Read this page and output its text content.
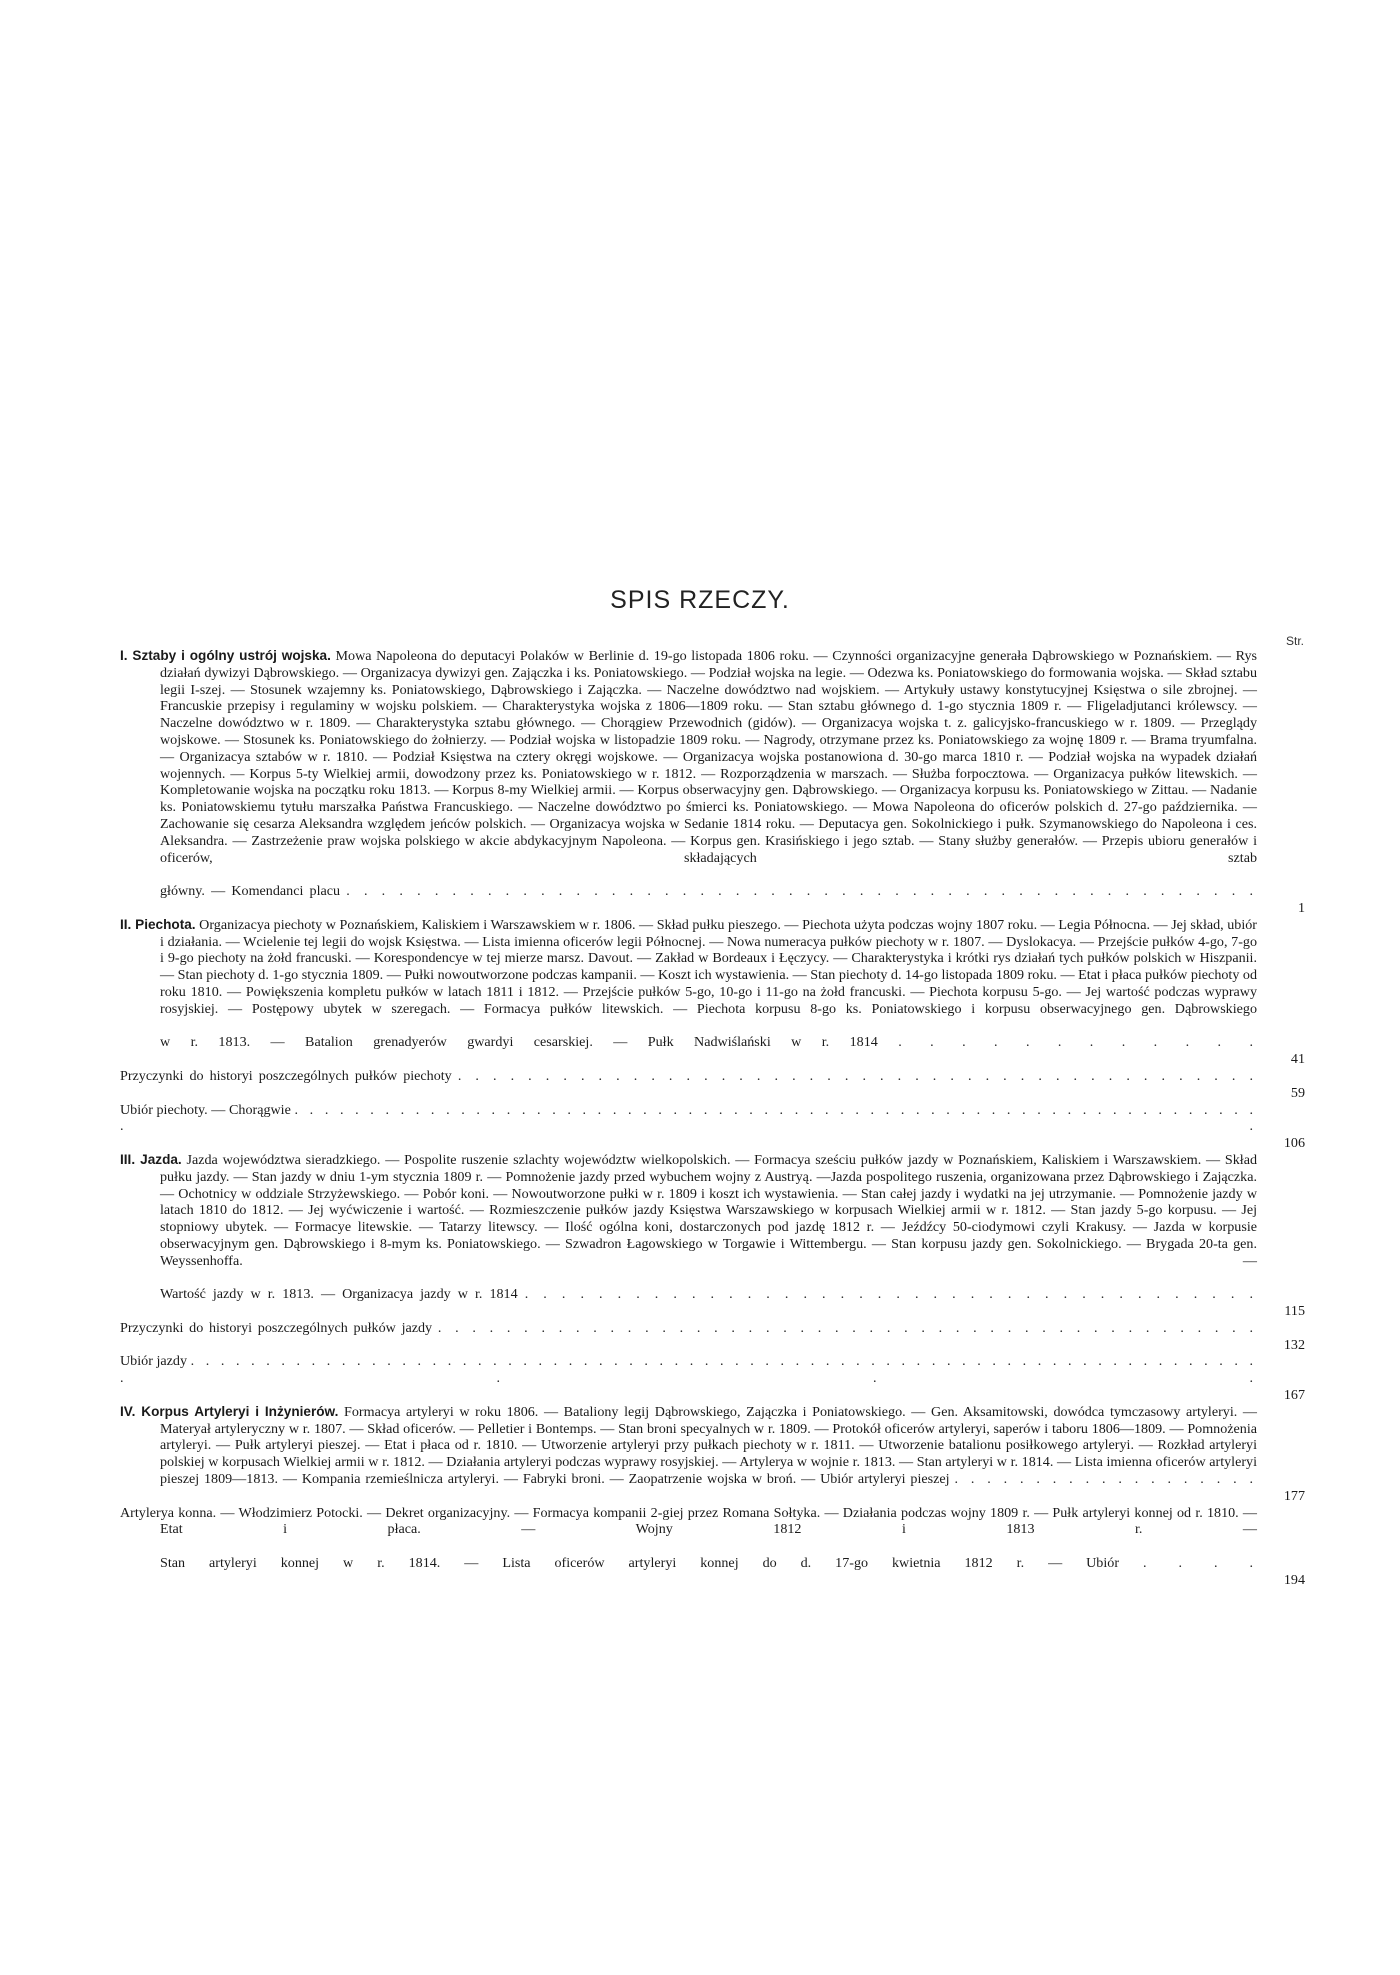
SPIS RZECZY.
Str.
I. Sztaby i ogólny ustrój wojska. Mowa Napoleona do deputacyi Polaków w Berlinie d. 19-go listopada 1806 roku. — Czynności organizacyjne generała Dąbrowskiego w Poznańskiem. — Rys działań dywizyi Dąbrowskiego. — Organizacya dywizyi gen. Zajączka i ks. Poniatowskiego. — Podział wojska na legie. — Odezwa ks. Poniatowskiego do formowania wojska. — Skład sztabu legii I-szej. — Stosunek wzajemny ks. Poniatowskiego, Dąbrowskiego i Zajączka. — Naczelne dowództwo nad wojskiem. — Artykuły ustawy konstytucyjnej Księstwa o sile zbrojnej. — Francuskie przepisy i regulaminy w wojsku polskiem. — Charakterystyka wojska z 1806—1809 roku. — Stan sztabu głównego d. 1-go stycznia 1809 r. — Fligeladjutanci królewscy. — Naczelne dowództwo w r. 1809. — Charakterystyka sztabu głównego. — Chorągiew Przewodnich (gidów). — Organizacya wojska t. z. galicyjsko-francuskiego w r. 1809. — Przeglądy wojskowe. — Stosunek ks. Poniatowskiego do żołnierzy. — Podział wojska w listopadzie 1809 roku. — Nagrody, otrzymane przez ks. Poniatowskiego za wojnę 1809 r. — Brama tryumfalna. — Organizacya sztabów w r. 1810. — Podział Księstwa na cztery okręgi wojskowe. — Organizacya wojska postanowiona d. 30-go marca 1810 r. — Podział wojska na wypadek działań wojennych. — Korpus 5-ty Wielkiej armii, dowodzony przez ks. Poniatowskiego w r. 1812. — Rozporządzenia w marszach. — Służba forpocztowa. — Organizacya pułków litewskich. — Kompletowanie wojska na początku roku 1813. — Korpus 8-my Wielkiej armii. — Korpus obserwacyjny gen. Dąbrowskiego. — Organizacya korpusu ks. Poniatowskiego w Zittau. — Nadanie ks. Poniatowskiemu tytułu marszałka Państwa Francuskiego. — Naczelne dowództwo po śmierci ks. Poniatowskiego. — Mowa Napoleona do oficerów polskich d. 27-go października. — Zachowanie się cesarza Aleksandra względem jeńców polskich. — Organizacya wojska w Sedanie 1814 roku. — Deputacya gen. Sokolnickiego i pułk. Szymanowskiego do Napoleona i ces. Aleksandra. — Zastrzeżenie praw wojska polskiego w akcie abdykacyjnym Napoleona. — Korpus gen. Krasińskiego i jego sztab. — Stany służby generałów. — Przepis ubioru generałów i oficerów, składających sztab
główny. — Komendanci placu . . . . . . . . . . . . . . . . . . . . . . . . . . . . . . . . . . . . . . . . . . . . . . . . . . . .
1
II. Piechota. Organizacya piechoty w Poznańskiem, Kaliskiem i Warszawskiem w r. 1806. — Skład pułku pieszego. — Piechota użyta podczas wojny 1807 roku. — Legia Północna. — Jej skład, ubiór i działania. — Wcielenie tej legii do wojsk Księstwa. — Lista imienna oficerów legii Północnej. — Nowa numeracya pułków piechoty w r. 1807. — Dyslokacya. — Przejście pułków 4-go, 7-go i 9-go piechoty na żołd francuski. — Korespondencye w tej mierze marsz. Davout. — Zakład w Bordeaux i Łęczycy. — Charakterystyka i krótki rys działań tych pułków polskich w Hiszpanii. — Stan piechoty d. 1-go stycznia 1809. — Pułki nowoutworzone podczas kampanii. — Koszt ich wystawienia. — Stan piechoty d. 14-go listopada 1809 roku. — Etat i płaca pułków piechoty od roku 1810. — Powiększenia kompletu pułków w latach 1811 i 1812. — Przejście pułków 5-go, 10-go i 11-go na żołd francuski. — Piechota korpusu 5-go. — Jej wartość podczas wyprawy rosyjskiej. — Postępowy ubytek w szeregach. — Formacya pułków litewskich. — Piechota korpusu 8-go ks. Poniatowskiego i korpusu obserwacyjnego gen. Dąbrowskiego
w r. 1813. — Batalion grenadyerów gwardyi cesarskiej. — Pułk Nadwiślański w r. 1814 . . . . . . . . . . . .
41
Przyczynki do historyi poszczególnych pułków piechoty . . . . . . . . . . . . . . . . . . . . . . . . . . . . . . . . . . . . . . . . . . . . . .
59
Ubiór piechoty. — Chorągwie . . . . . . . . . . . . . . . . . . . . . . . . . . . . . . . . . . . . . . . . . . . . . . . . . . . . . . . . . . . . . . . . . .
106
III. Jazda. Jazda województwa sieradzkiego. — Pospolite ruszenie szlachty województw wielkopolskich. — Formacya sześciu pułków jazdy w Poznańskiem, Kaliskiem i Warszawskiem. — Skład pułku jazdy. — Stan jazdy w dniu 1-ym stycznia 1809 r. — Pomnożenie jazdy przed wybuchem wojny z Austryą. —Jazda pospolitego ruszenia, organizowana przez Dąbrowskiego i Zajączka. — Ochotnicy w oddziale Strzyżewskiego. — Pobór koni. — Nowoutworzone pułki w r. 1809 i koszt ich wystawienia. — Stan całej jazdy i wydatki na jej utrzymanie. — Pomnożenie jazdy w latach 1810 do 1812. — Jej wyćwiczenie i wartość. — Rozmieszczenie pułków jazdy Księstwa Warszawskiego w korpusach Wielkiej armii w r. 1812. — Stan jazdy 5-go korpusu. — Jej stopniowy ubytek. — Formacye litewskie. — Tatarzy litewscy. — Ilość ogólna koni, dostarczonych pod jazdę 1812 r. — Jeźdźcy 50-ciodymowi czyli Krakusy. — Jazda w korpusie obserwacyjnym gen. Dąbrowskiego i 8-mym ks. Poniatowskiego. — Szwadron Łagowskiego w Torgawie i Wittembergu. — Stan korpusu jazdy gen. Sokolnickiego. — Brygada 20-ta gen. Weyssenhoffa. —
Wartość jazdy w r. 1813. — Organizacya jazdy w r. 1814 . . . . . . . . . . . . . . . . . . . . . . . . . . . . . . . . . . . . . . . .
115
Przyczynki do historyi poszczególnych pułków jazdy . . . . . . . . . . . . . . . . . . . . . . . . . . . . . . . . . . . . . . . . . . . . . . . .
132
Ubiór jazdy . . . . . . . . . . . . . . . . . . . . . . . . . . . . . . . . . . . . . . . . . . . . . . . . . . . . . . . . . . . . . . . . . . . . . . . . . . .
167
IV. Korpus Artyleryi i Inżynierów. Formacya artyleryi w roku 1806. — Bataliony legij Dąbrowskiego, Zajączka i Poniatowskiego. — Gen. Aksamitowski, dowódca tymczasowy artyleryi. — Materyał artyleryczny w r. 1807. — Skład oficerów. — Pelletier i Bontemps. — Stan broni specyalnych w r. 1809. — Protokół oficerów artyleryi, saperów i taboru 1806—1809. — Pomnożenia artyleryi. — Pułk artyleryi pieszej. — Etat i płaca od r. 1810. — Utworzenie artyleryi przy pułkach piechoty w r. 1811. — Utworzenie batalionu posiłkowego artyleryi. — Rozkład artyleryi polskiej w korpusach Wielkiej armii w r. 1812. — Działania artyleryi podczas wyprawy rosyjskiej. — Artylerya w wojnie r. 1813. — Stan artyleryi w r. 1814. — Lista imienna oficerów artyleryi pieszej 1809—1813. — Kompania rzemieślnicza artyleryi. — Fabryki broni. — Zaopatrzenie wojska w broń. — Ubiór artyleryi pieszej . . . . . . . . . . . . . . . . . . .
177
Artylerya konna. — Włodzimierz Potocki. — Dekret organizacyjny. — Formacya kompanii 2-giej przez Romana Sołtyka. — Działania podczas wojny 1809 r. — Pułk artyleryi konnej od r. 1810. — Etat i płaca. — Wojny 1812 i 1813 r. —
Stan artyleryi konnej w r. 1814. — Lista oficerów artyleryi konnej do d. 17-go kwietnia 1812 r. — Ubiór . . . .
194
